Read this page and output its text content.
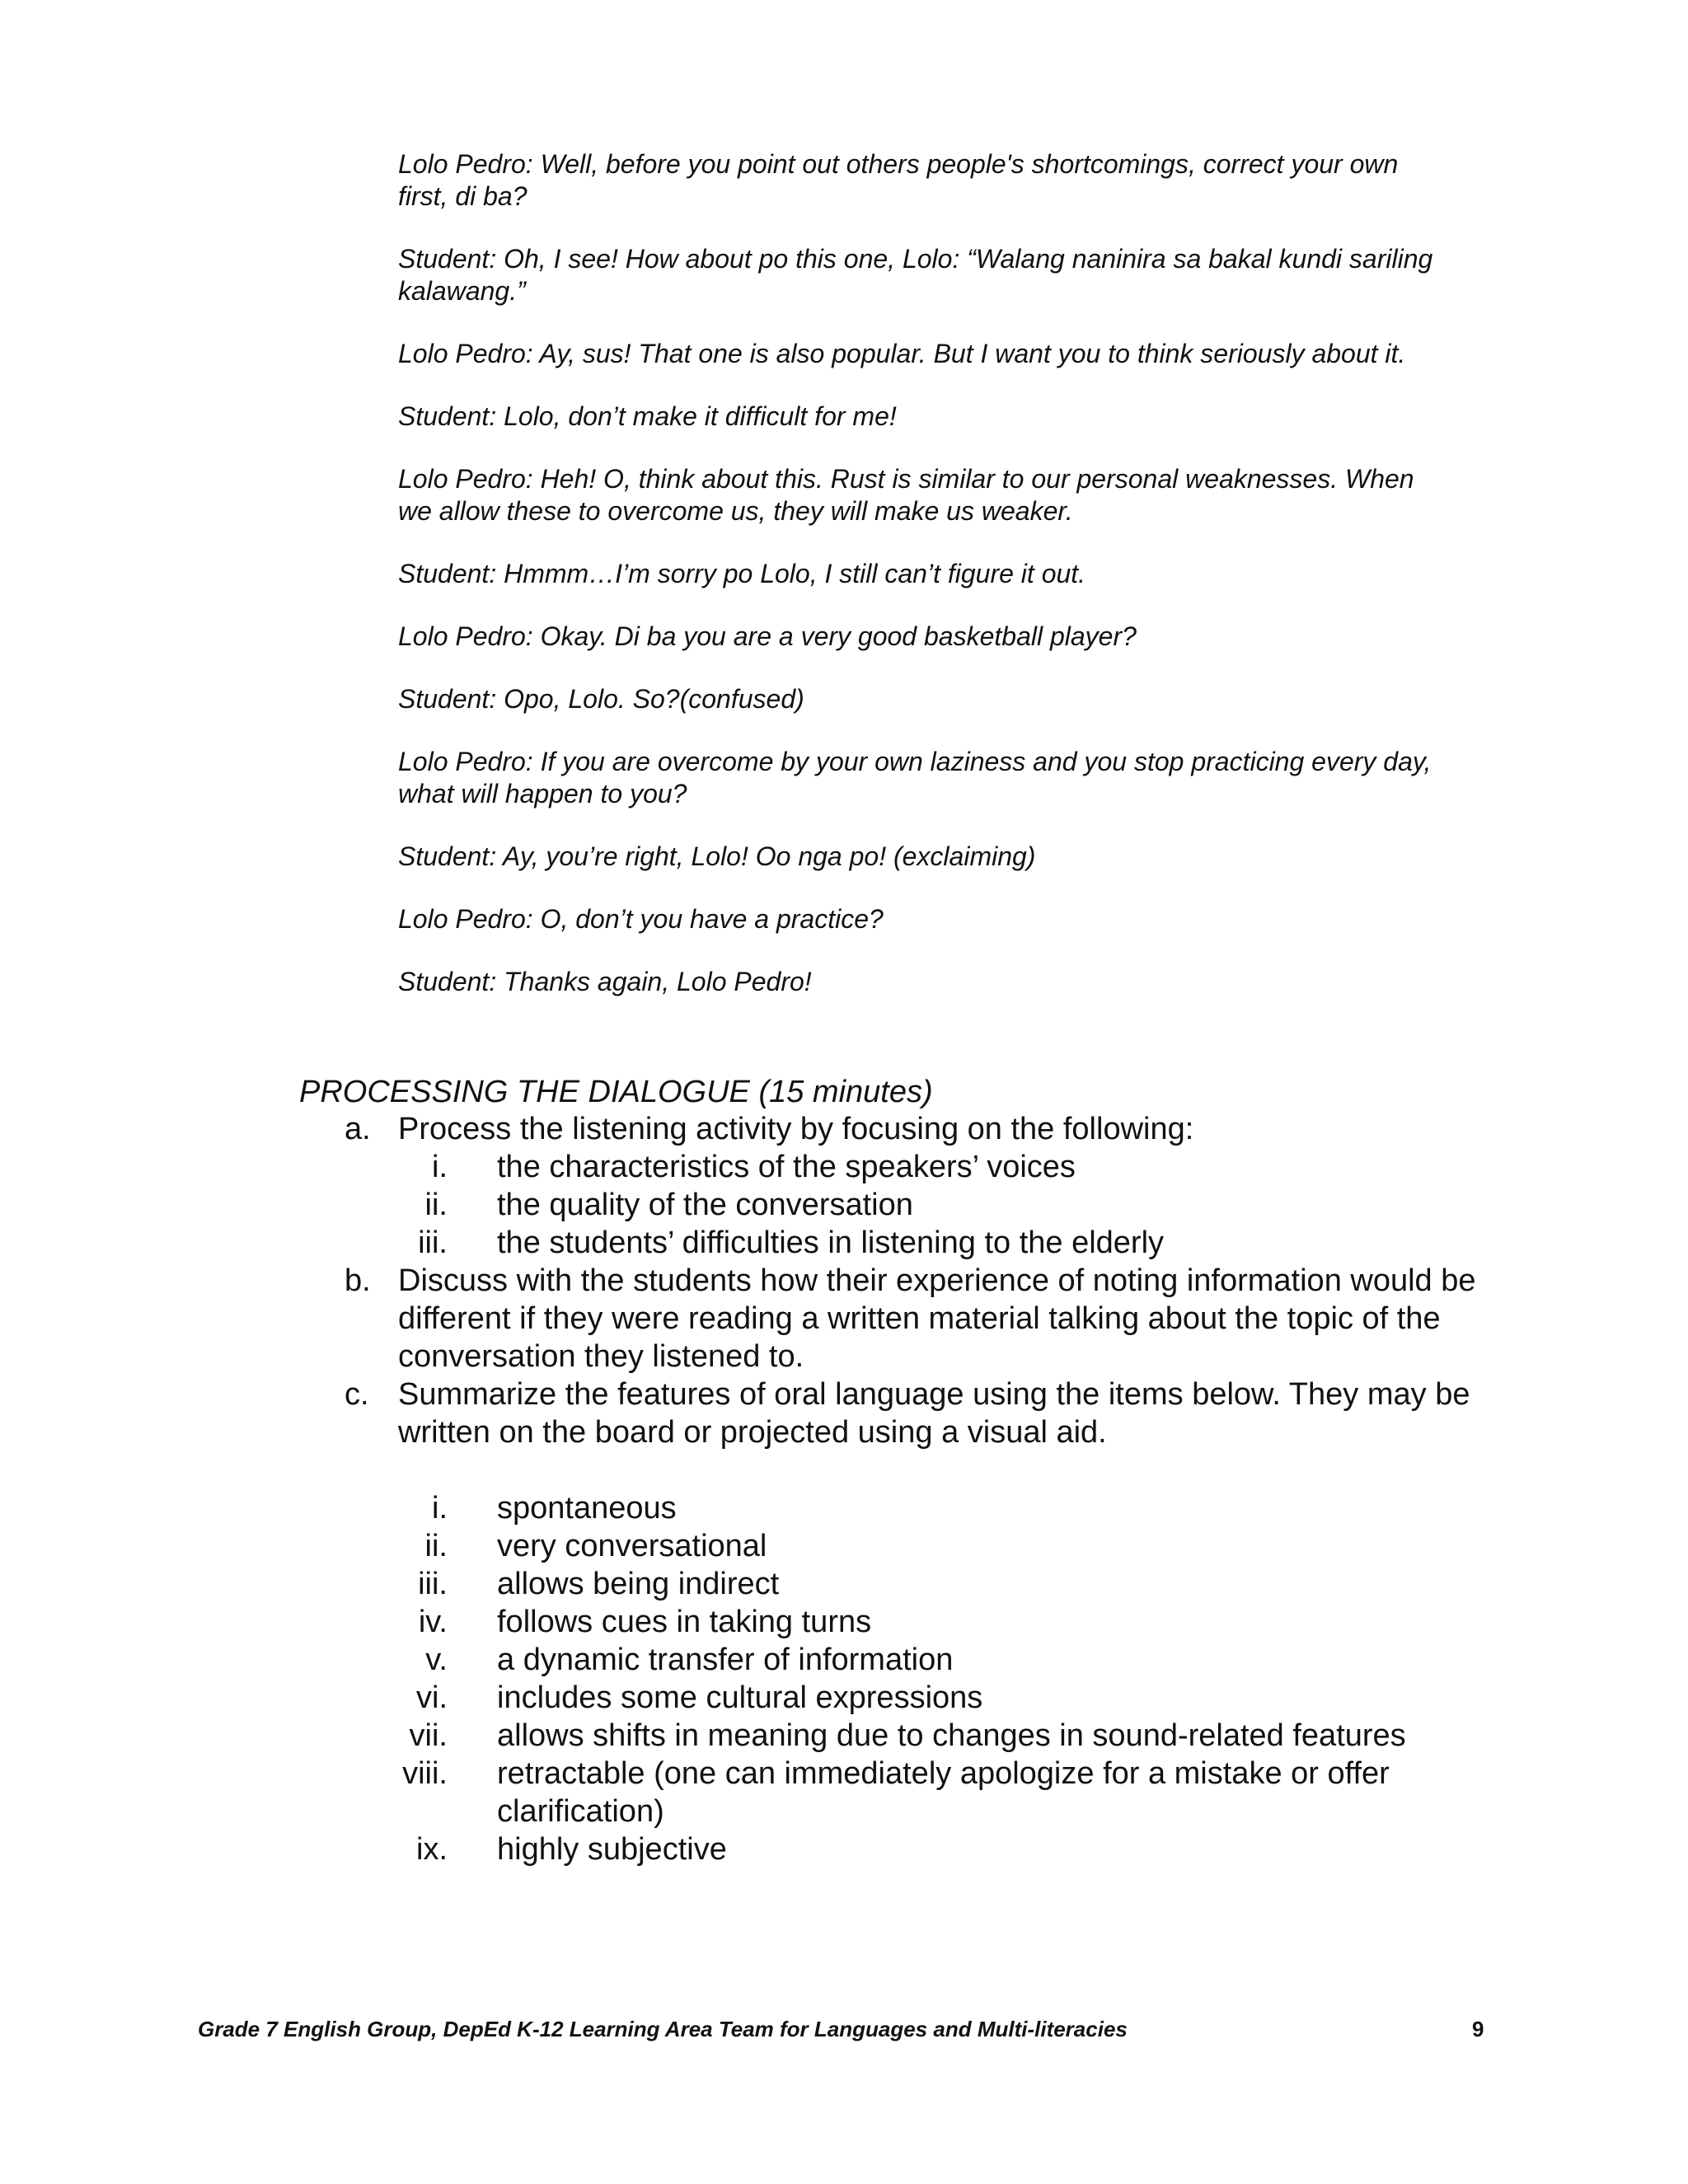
Lolo Pedro: Well, before you point out others people's shortcomings, correct your own first, di ba?

Student: Oh, I see! How about po this one, Lolo: “Walang naninira sa bakal kundi sariling kalawang.”

Lolo Pedro: Ay, sus! That one is also popular. But I want you to think seriously about it.

Student: Lolo, don’t make it difficult for me!

Lolo Pedro: Heh! O, think about this. Rust is similar to our personal weaknesses. When we allow these to overcome us, they will make us weaker.

Student: Hmmm…I’m sorry po Lolo, I still can’t figure it out.

Lolo Pedro: Okay. Di ba you are a very good basketball player?

Student: Opo, Lolo. So?(confused)

Lolo Pedro: If you are overcome by your own laziness and you stop practicing every day, what will happen to you?

Student: Ay, you’re right, Lolo! Oo nga po! (exclaiming)

Lolo Pedro: O, don’t you have a practice?

Student: Thanks again, Lolo Pedro!

PROCESSING THE DIALOGUE (15 minutes)
a. Process the listening activity by focusing on the following:
i. the characteristics of the speakers’ voices
ii. the quality of the conversation
iii. the students’ difficulties in listening to the elderly
b. Discuss with the students how their experience of noting information would be different if they were reading a written material talking about the topic of the conversation they listened to.
c. Summarize the features of oral language using the items below. They may be written on the board or projected using a visual aid.
i. spontaneous
ii. very conversational
iii. allows being indirect
iv. follows cues in taking turns
v. a dynamic transfer of information
vi. includes some cultural expressions
vii. allows shifts in meaning due to changes in sound-related features
viii. retractable (one can immediately apologize for a mistake or offer clarification)
ix. highly subjective
Grade 7 English Group, DepEd K-12 Learning Area Team for Languages and Multi-literacies	9
